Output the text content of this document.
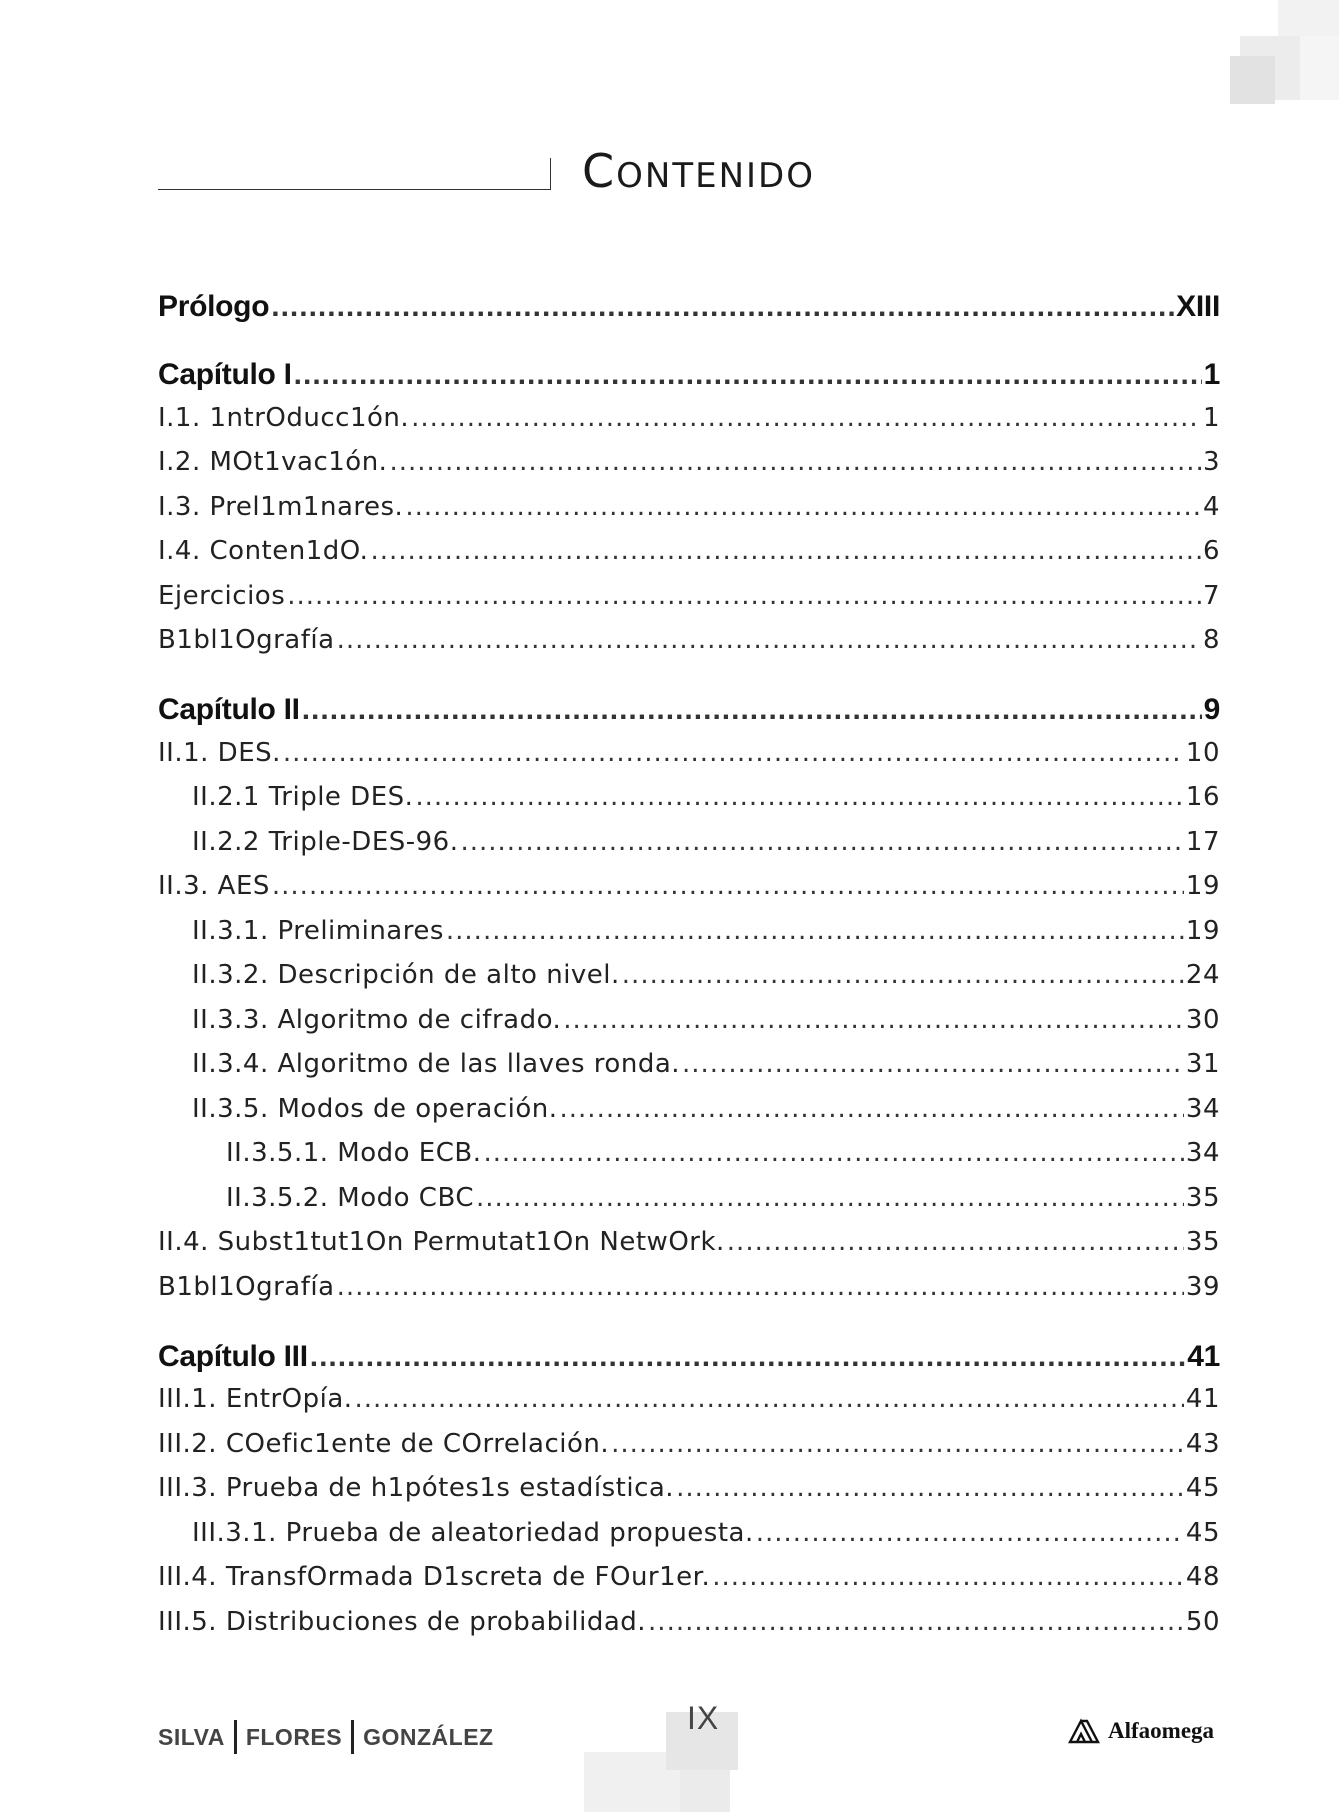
CONTENIDO
Prólogo .....	XIII
Capítulo I .....	1
I.1. 1ntrOducc1ón. .....	1
I.2. MOt1vac1ón. .....	3
I.3. Prel1m1nares. .....	4
I.4. Conten1dO. .....	6
Ejercicios .....	7
B1bl1Ografía .....	8
Capítulo II .....	9
II.1. DES. .....	10
II.2.1 Triple DES. .....	16
II.2.2 Triple-DES-96. .....	17
II.3. AES .....	19
II.3.1. Preliminares .....	19
II.3.2. Descripción de alto nivel. .....	24
II.3.3. Algoritmo de cifrado. .....	30
II.3.4. Algoritmo de las llaves ronda. .....	31
II.3.5. Modos de operación. .....	34
II.3.5.1. Modo ECB. .....	34
II.3.5.2. Modo CBC .....	35
II.4. Subst1tut1On Permutat1On NetwOrk. .....	35
B1bl1Ografía .....	39
Capítulo III .....	41
III.1. EntrOpía. .....	41
III.2. COefic1ente de COrrelación. .....	43
III.3. Prueba de h1pótes1s estadística. .....	45
III.3.1. Prueba de aleatoriedad propuesta. .....	45
III.4. TransfOrmada D1screta de FOur1er. .....	48
III.5. Distribuciones de probabilidad. .....	50
SILVA FLORES GONZÁLEZ
IX	Alfaomega
